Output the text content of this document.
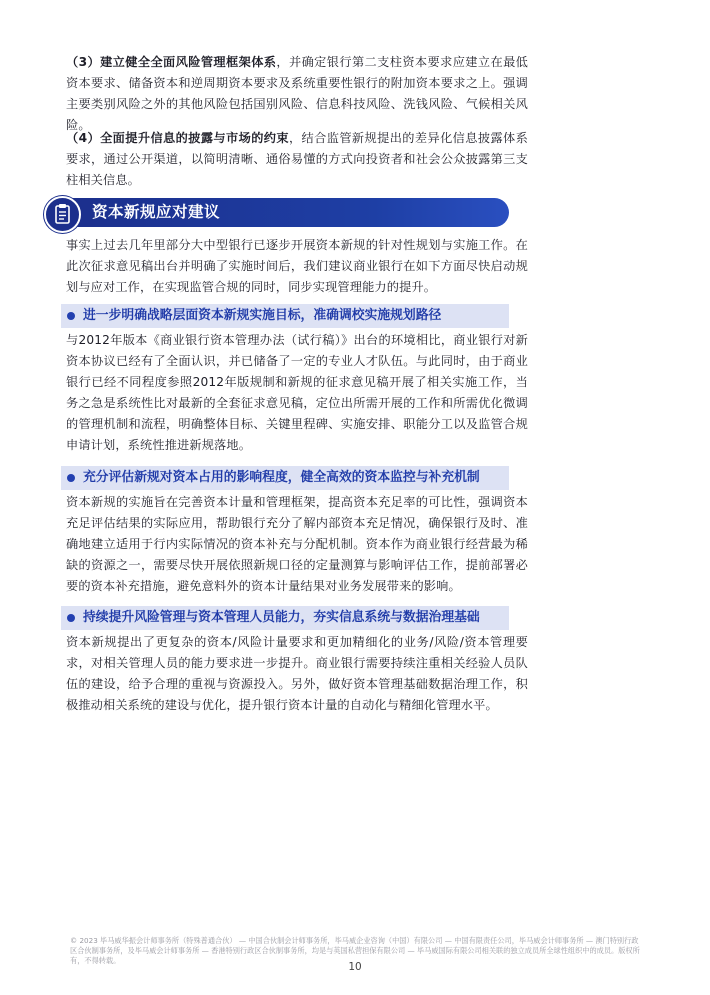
（3）建立健全全面风险管理框架体系，并确定银行第二支柱资本要求应建立在最低资本要求、储备资本和逆周期资本要求及系统重要性银行的附加资本要求之上。强调主要类别风险之外的其他风险包括国别风险、信息科技风险、洗钱风险、气候相关风险。

（4）全面提升信息的披露与市场的约束，结合监管新规提出的差异化信息披露体系要求，通过公开渠道，以简明清晰、通俗易懂的方式向投资者和社会公众披露第三支柱相关信息。

资本新规应对建议

事实上过去几年里部分大中型银行已逐步开展资本新规的针对性规划与实施工作。在此次征求意见稿出台并明确了实施时间后，我们建议商业银行在如下方面尽快启动规划与应对工作，在实现监管合规的同时，同步实现管理能力的提升。

进一步明确战略层面资本新规实施目标，准确调校实施规划路径

与2012年版本《商业银行资本管理办法（试行稿）》出台的环境相比，商业银行对新资本协议已经有了全面认识，并已储备了一定的专业人才队伍。与此同时，由于商业银行已经不同程度参照2012年版规制和新规的征求意见稿开展了相关实施工作，当务之急是系统性比对最新的全套征求意见稿，定位出所需开展的工作和所需优化微调的管理机制和流程，明确整体目标、关键里程碑、实施安排、职能分工以及监管合规申请计划，系统性推进新规落地。

充分评估新规对资本占用的影响程度，健全高效的资本监控与补充机制

资本新规的实施旨在完善资本计量和管理框架，提高资本充足率的可比性，强调资本充足评估结果的实际应用，帮助银行充分了解内部资本充足情况，确保银行及时、准确地建立适用于行内实际情况的资本补充与分配机制。资本作为商业银行经营最为稀缺的资源之一，需要尽快开展依照新规口径的定量测算与影响评估工作，提前部署必要的资本补充措施，避免意料外的资本计量结果对业务发展带来的影响。

持续提升风险管理与资本管理人员能力，夯实信息系统与数据治理基础

资本新规提出了更复杂的资本/风险计量要求和更加精细化的业务/风险/资本管理要求，对相关管理人员的能力要求进一步提升。商业银行需要持续注重相关经验人员队伍的建设，给予合理的重视与资源投入。另外，做好资本管理基础数据治理工作，积极推动相关系统的建设与优化，提升银行资本计量的自动化与精细化管理水平。

© 2023 毕马威华振会计师事务所（特殊普通合伙） — 中国合伙制会计师事务所，毕马威企业咨询（中国）有限公司 — 中国有限责任公司，毕马威会计师事务所 — 澳门特别行政区合伙制事务所，及毕马威会计师事务所 — 香港特别行政区合伙制事务所，均是与英国私营担保有限公司 — 毕马威国际有限公司相关联的独立成员所全球性组织中的成员。版权所有，不得转载。

10
